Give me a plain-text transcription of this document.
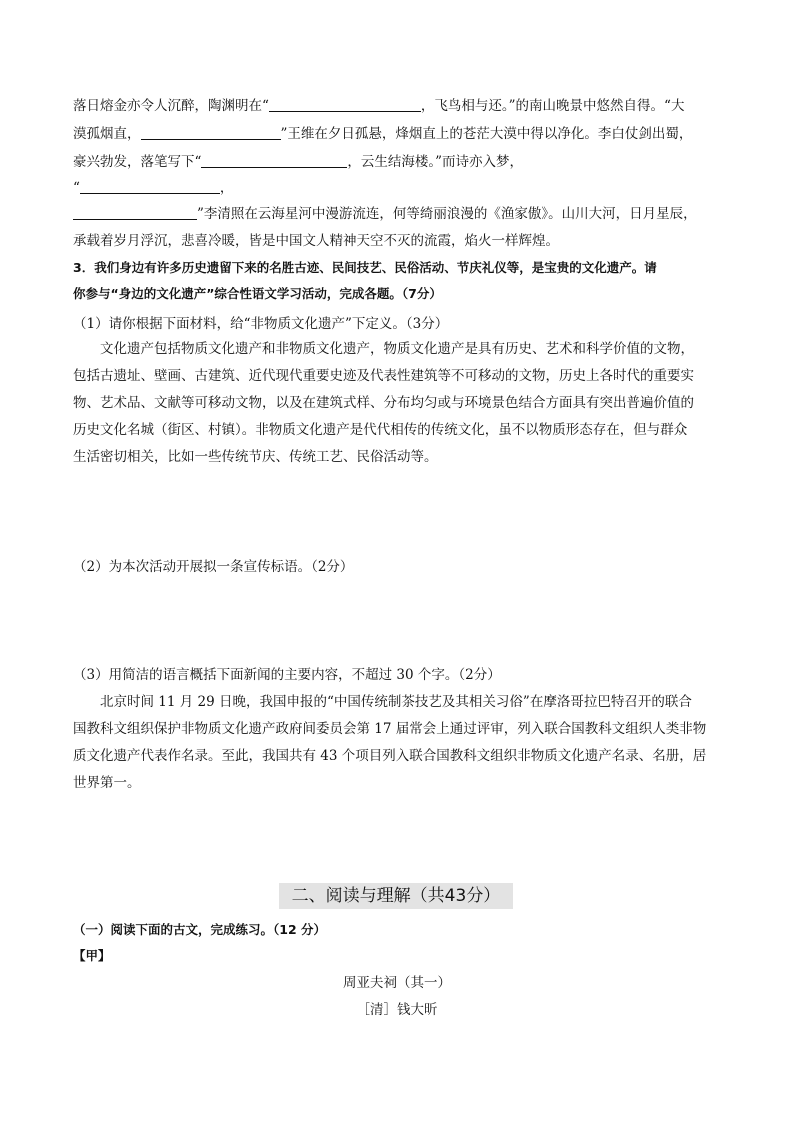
落日熔金亦令人沉醉，陶渊明在“	，飞鸟相与还。”的南山晚景中悠然自得。“大
漠孤烟直，	”王维在夕日孤悬，烽烟直上的苍茫大漠中得以净化。李白仗剑出蜀，
豪兴勃发，落笔写下“	，云生结海楼。”而诗亦入梦，
“	，
”李清照在云海星河中漫游流连，何等绮丽浪漫的《渔家傲》。山川大河，日月星辰，
承载着岁月浮沉，悲喜冷暖，皆是中国文人精神天空不灭的流霞，焰火一样辉煌。
3．我们身边有许多历史遗留下来的名胜古迹、民间技艺、民俗活动、节庆礼仪等，是宝贵的文化遗产。请
你参与“身边的文化遗产”综合性语文学习活动，完成各题。（7分）
（1）请你根据下面材料，给“非物质文化遗产”下定义。（3分）
文化遗产包括物质文化遗产和非物质文化遗产，物质文化遗产是具有历史、艺术和科学价值的文物，
包括古遗址、壁画、古建筑、近代现代重要史迹及代表性建筑等不可移动的文物，历史上各时代的重要实
物、艺术品、文献等可移动文物，以及在建筑式样、分布均匀或与环境景色结合方面具有突出普遍价值的
历史文化名城（街区、村镇）。非物质文化遗产是代代相传的传统文化，虽不以物质形态存在，但与群众
生活密切相关，比如一些传统节庆、传统工艺、民俗活动等。
（2）为本次活动开展拟一条宣传标语。（2分）
（3）用简洁的语言概括下面新闻的主要内容，不超过 30 个字。（2分）
北京时间 11 月 29 日晚，我国申报的“中国传统制茶技艺及其相关习俗”在摩洛哥拉巴特召开的联合
国教科文组织保护非物质文化遗产政府间委员会第 17 届常会上通过评审，列入联合国教科文组织人类非物
质文化遗产代表作名录。至此，我国共有 43 个项目列入联合国教科文组织非物质文化遗产名录、名册，居
世界第一。
二、阅读与理解（共43分）
（一）阅读下面的古文，完成练习。（12 分）
【甲】
周亚夫祠（其一）
［清］钱大昕
